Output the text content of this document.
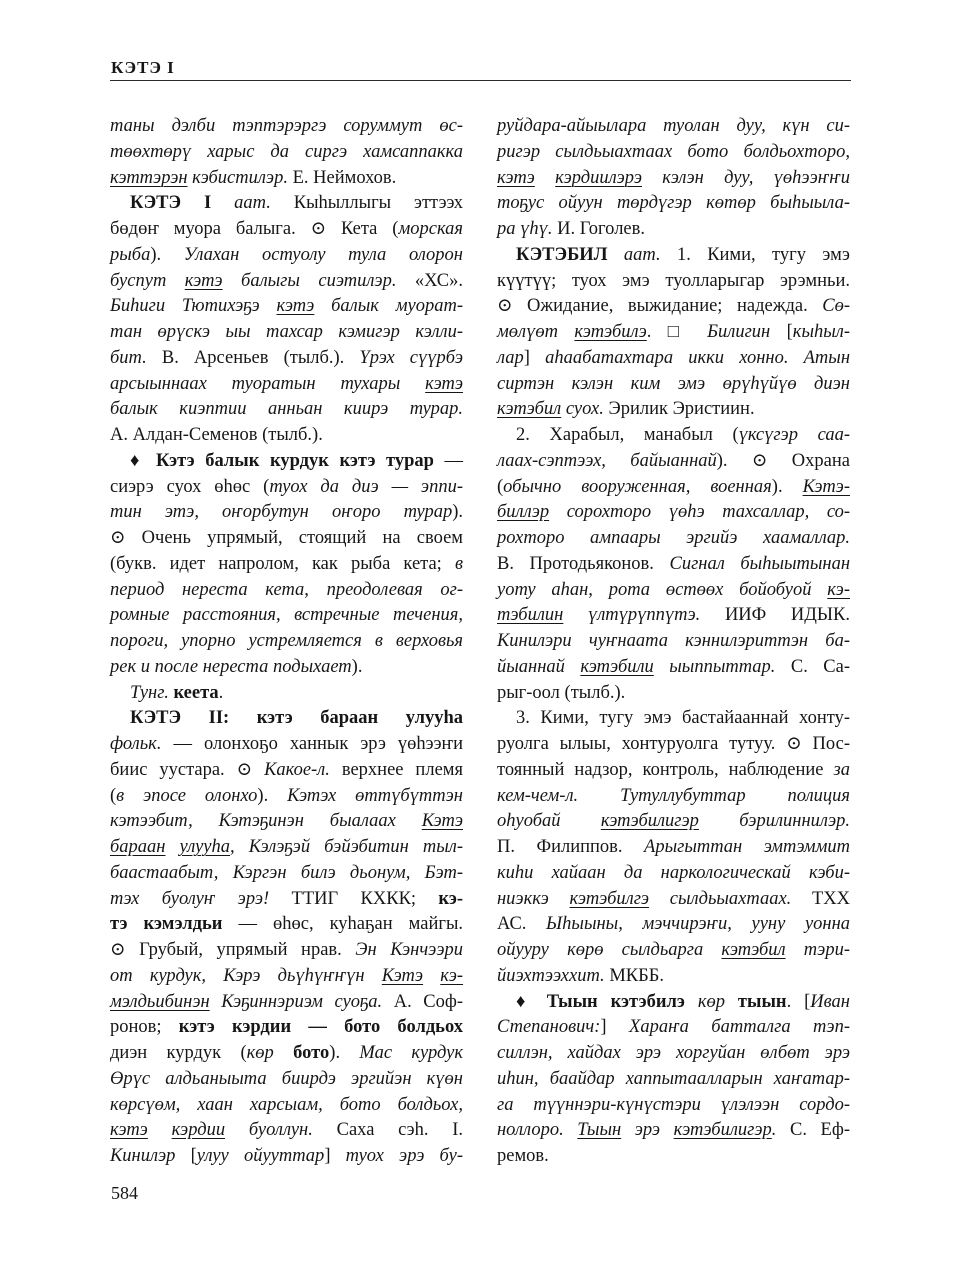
КЭТЭ I
таны дэлби тэптэрэргэ соруммут өс-
төөхтөрү харыс да сиргэ хамсаппакка
кэттэрэн кэбистилэр. Е. Неймохов.
КЭТЭ I аат. Кыһыллыгы эттээх
бөдөҥ муора балыга. ⊙ Кета (морская
рыба). Улахан остуолу тула олорон
буспут кэтэ балыгы сиэтилэр. «ХС».
Биһиги Тютихэҕэ кэтэ балык муорат-
тан өрүскэ ыы тахсар кэмигэр кэлли-
бит. В. Арсеньев (тылб.). Үрэх сүүрбэ
арсыыннаах туоратын тухары кэтэ
балык киэптии анньан киирэ турар.
А. Алдан-Семенов (тылб.).
♦ Кэтэ балык курдук кэтэ турар —
сиэрэ суох өһөс (туох да диэ — эппи-
тин этэ, оҥорбутун оҥоро турар).
⊙ Очень упрямый, стоящий на своем
(букв. идет напролом, как рыба кета; в
период нереста кета, преодолевая ог-
ромные расстояния, встречные течения,
пороги, упорно устремляется в верховья
рек и после нереста подыхает).
Тунг. кеета.
КЭТЭ II: кэтэ бараан улууһа
фольк. — олонхоҕо ханнык эрэ үөһээҥи
биис уустара. ⊙ Какое-л. верхнее племя
(в эпосе олонхо). Кэтэх өттүбүттэн
кэтээбит, Кэтэҕинэн быалаах Кэтэ
бараан улууһа, Кэлэҕэй бэйэбитин тыл-
баастаабыт, Кэргэн билэ дьонум, Бэт-
тэх буолуҥ эрэ! ТТИГ КХКК; кэ-
тэ кэмэлдьи — өһөс, куһаҕан майгы.
⊙ Грубый, упрямый нрав. Эн Кэнчээри
от курдук, Кэрэ дьүһүҥҥүн Кэтэ кэ-
мэлдьибинэн Кэҕиннэриэм суоҕа. А. Соф-
ронов; кэтэ кэрдии — бото болдьох
диэн курдук (көр бото). Мас курдук
Өрүс алдьаныыта биирдэ эргийэн күөн
көрсүөм, хаан харсыам, бото болдьох,
кэтэ кэрдии буоллун. Саха сэһ. I.
Кинилэр [улуу ойууттар] туох эрэ бу-
руйдара-айыылара туолан дуу, күн си-
ригэр сылдьыахтаах бото болдьохторо,
кэтэ кэрдиилэрэ кэлэн дуу, үөһээҥҥи
тоҕус ойуун төрдүгэр көтөр быһыыла-
ра үһү. И. Гоголев.
КЭТЭБИЛ аат. 1. Кими, тугу эмэ
күүтүү; туох эмэ туолларыгар эрэмньи.
⊙ Ожидание, выжидание; надежда. Сө-
мөлүөт кэтэбилэ. □ Билигин [кыһыл-
лар] аһаабатахтара икки хонно. Атын
сиртэн кэлэн ким эмэ өрүһүйүө диэн
кэтэбил суох. Эрилик Эристиин.
2. Харабыл, манабыл (үксүгэр саа-
лаах-сэптээх, байыаннай). ⊙ Охрана
(обычно вооруженная, военная). Кэтэ-
биллэр сорохторо үөһэ тахсаллар, со-
рохторо ампаары эргийэ хаамаллар.
В. Протодьяконов. Сигнал быһыытынан
уоту аһан, рота өстөөх бойобуой кэ-
тэбилин үлтүрүппүтэ. ИИФ ИДЫК.
Кинилэри чуҥнаата кэннилэриттэн ба-
йыаннай кэтэбили ыыппыттар. С. Са-
рыг-оол (тылб.).
3. Кими, тугу эмэ бастайааннай хонту-
руолга ылыы, хонтуруолга тутуу. ⊙ Пос-
тоянный надзор, контроль, наблюдение за
кем-чем-л. Тутуллубуттар полиция
оһуобай кэтэбилигэр бэрилиннилэр.
П. Филиппов. Арыгыттан эмтэммит
киһи хайаан да наркологическай кэби-
ниэккэ кэтэбилгэ сылдьыахтаах. ТХХ
АС. Ыһыыны, мэччирэҥи, ууну уонна
ойууру көрө сылдьарга кэтэбил тэри-
йиэхтээххит. МКББ.
♦ Тыын кэтэбилэ көр тыын. [Иван
Степанович:] Хараҥа батталга тэп-
силлэн, хайдах эрэ хоргуйан өлбөт эрэ
иһин, баайдар хаппытаалларын хаҥатар-
га түүннэри-күнүстэри үлэлээн сордо-
ноллоро. Тыын эрэ кэтэбилигэр. С. Еф-
ремов.
584
